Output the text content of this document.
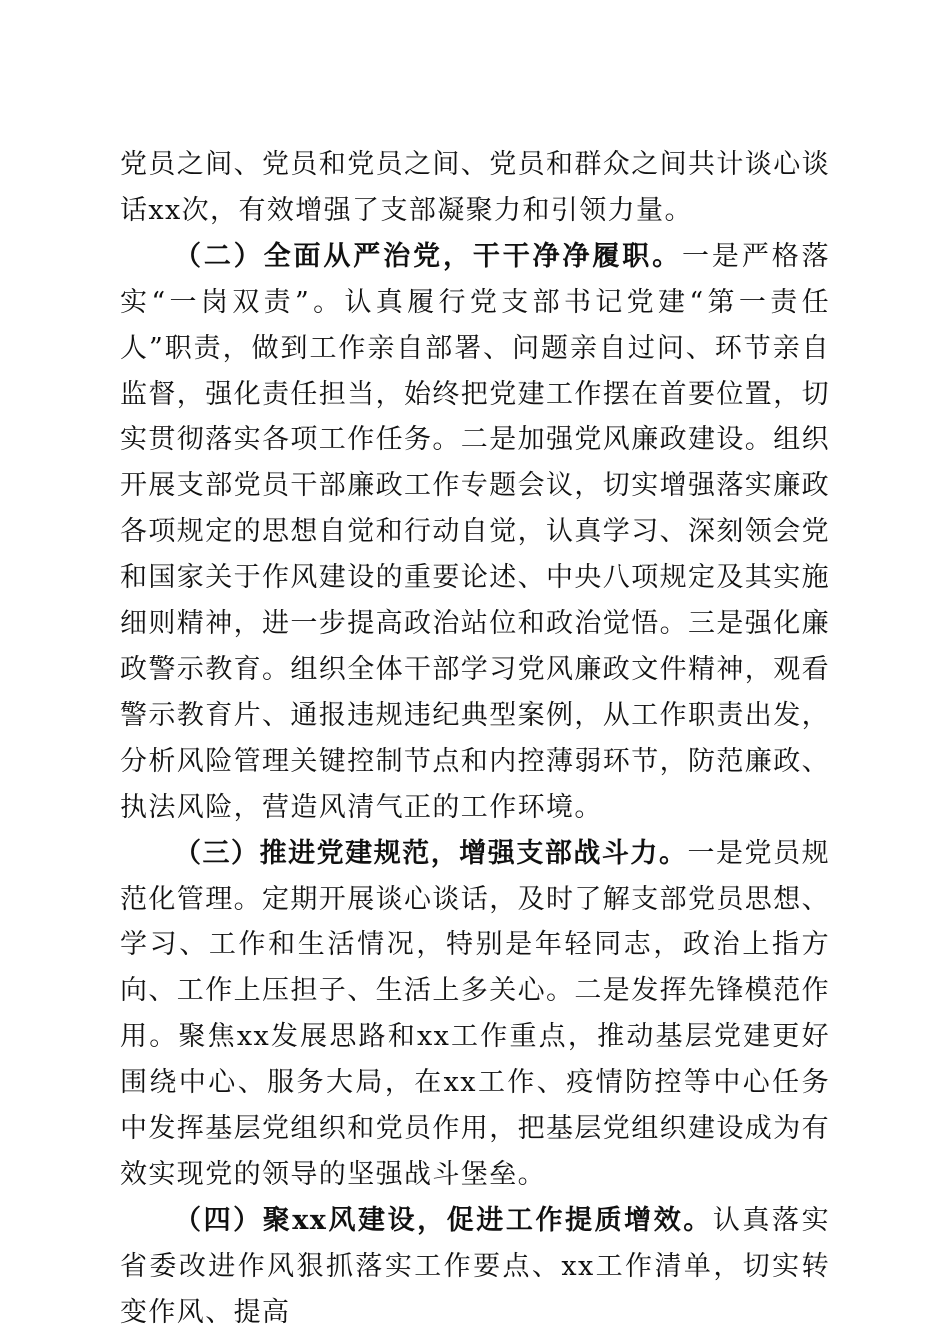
党员之间、党员和党员之间、党员和群众之间共计谈心谈话xx次，有效增强了支部凝聚力和引领力量。

（二）全面从严治党，干干净净履职。一是严格落实“一岗双责”。认真履行党支部书记党建“第一责任人”职责，做到工作亲自部署、问题亲自过问、环节亲自监督，强化责任担当，始终把党建工作摆在首要位置，切实贯彻落实各项工作任务。二是加强党风廉政建设。组织开展支部党员干部廉政工作专题会议，切实增强落实廉政各项规定的思想自觉和行动自觉，认真学习、深刻领会党和国家关于作风建设的重要论述、中央八项规定及其实施细则精神，进一步提高政治站位和政治觉悟。三是强化廉政警示教育。组织全体干部学习党风廉政文件精神，观看警示教育片、通报违规违纪典型案例，从工作职责出发，分析风险管理关键控制节点和内控薄弱环节，防范廉政、执法风险，营造风清气正的工作环境。

（三）推进党建规范，增强支部战斗力。一是党员规范化管理。定期开展谈心谈话，及时了解支部党员思想、学习、工作和生活情况，特别是年轻同志，政治上指方向、工作上压担子、生活上多关心。二是发挥先锋模范作用。聚焦xx发展思路和xx工作重点，推动基层党建更好围绕中心、服务大局，在xx工作、疫情防控等中心任务中发挥基层党组织和党员作用，把基层党组织建设成为有效实现党的领导的坚强战斗堡垒。

（四）聚xx风建设，促进工作提质增效。认真落实省委改进作风狠抓落实工作要点、xx工作清单，切实转变作风、提高
